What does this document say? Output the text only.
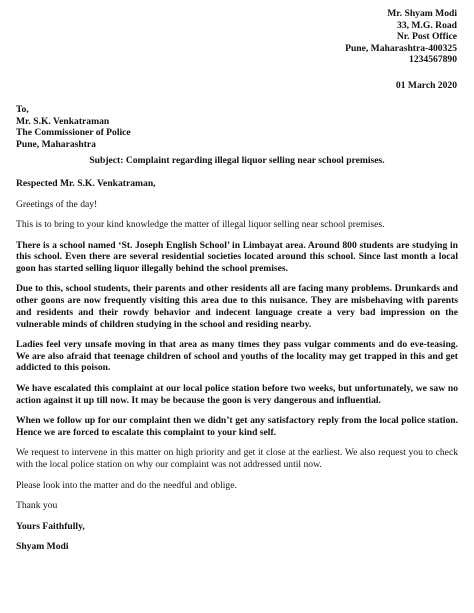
Mr. Shyam Modi
33, M.G. Road
Nr. Post Office
Pune, Maharashtra-400325
1234567890
01 March 2020
To,
Mr. S.K. Venkatraman
The Commissioner of Police
Pune, Maharashtra
Subject: Complaint regarding illegal liquor selling near school premises.

Respected Mr. S.K. Venkatraman,

Greetings of the day!

This is to bring to your kind knowledge the matter of illegal liquor selling near school premises.

There is a school named ‘St. Joseph English School’ in Limbayat area. Around 800 students are studying in this school. Even there are several residential societies located around this school. Since last month a local goon has started selling liquor illegally behind the school premises.

Due to this, school students, their parents and other residents all are facing many problems. Drunkards and other goons are now frequently visiting this area due to this nuisance. They are misbehaving with parents and residents and their rowdy behavior and indecent language create a very bad impression on the vulnerable minds of children studying in the school and residing nearby.

Ladies feel very unsafe moving in that area as many times they pass vulgar comments and do eve-teasing. We are also afraid that teenage children of school and youths of the locality may get trapped in this and get addicted to this poison.

We have escalated this complaint at our local police station before two weeks, but unfortunately, we saw no action against it up till now. It may be because the goon is very dangerous and influential.

When we follow up for our complaint then we didn’t get any satisfactory reply from the local police station. Hence we are forced to escalate this complaint to your kind self.

We request to intervene in this matter on high priority and get it close at the earliest. We also request you to check with the local police station on why our complaint was not addressed until now.

Please look into the matter and do the needful and oblige.

Thank you

Yours Faithfully,

Shyam Modi
